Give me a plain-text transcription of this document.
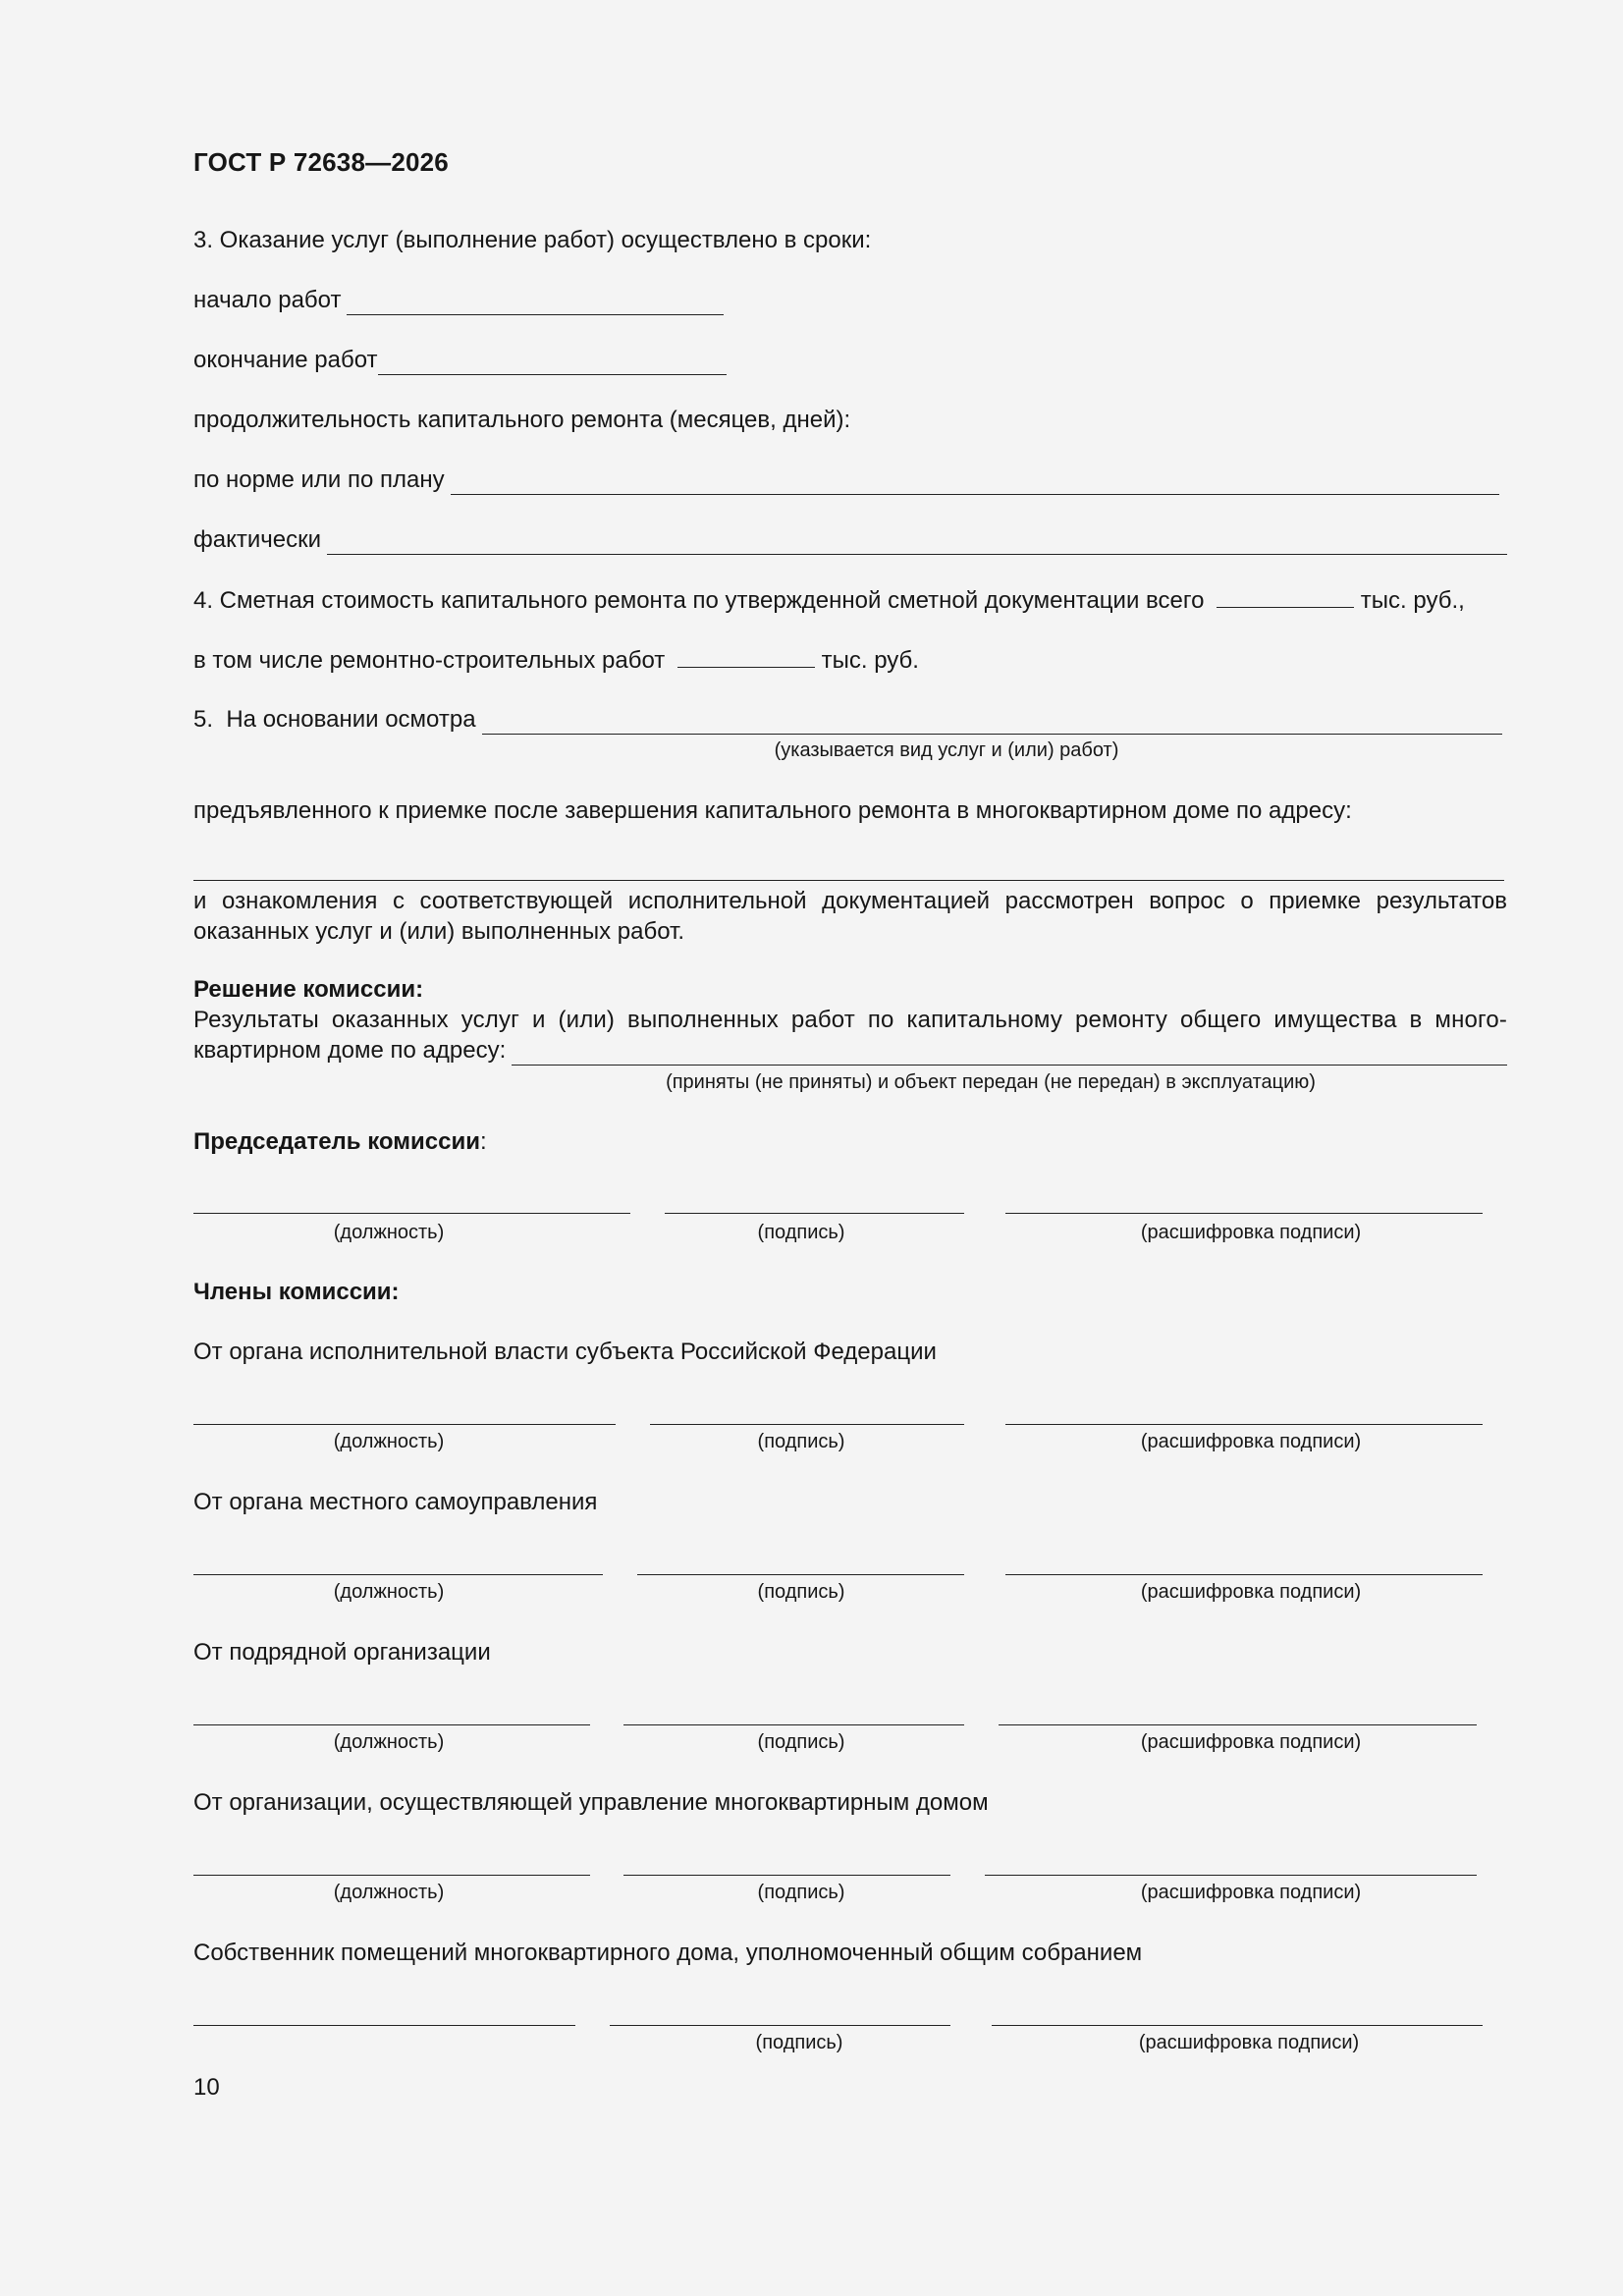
ГОСТ Р 72638—2026
3. Оказание услуг (выполнение работ) осуществлено в сроки:
начало работ
окончание работ
продолжительность капитального ремонта (месяцев, дней):
по норме или по плану
фактически
4. Сметная стоимость капитального ремонта по утвержденной сметной документации всего	тыс. руб.,
в том числе ремонтно-строительных работ	тыс. руб.
5.  На основании осмотра
(указывается вид услуг и (или) работ)
предъявленного к приемке после завершения капитального ремонта в многоквартирном доме по адресу:
и ознакомления с соответствующей исполнительной документацией рассмотрен вопрос о приемке результатов оказанных услуг и (или) выполненных работ.
Решение комиссии:
Результаты оказанных услуг и (или) выполненных работ по капитальному ремонту общего имущества в много-
квартирном доме по адресу:
(приняты (не приняты) и объект передан (не передан) в эксплуатацию)
Председатель комиссии:
(должность)	(подпись)	(расшифровка подписи)
Члены комиссии:
От органа исполнительной власти субъекта Российской Федерации
(должность)	(подпись)	(расшифровка подписи)
От органа местного самоуправления
(должность)	(подпись)	(расшифровка подписи)
От подрядной организации
(должность)	(подпись)	(расшифровка подписи)
От организации, осуществляющей управление многоквартирным домом
(должность)	(подпись)	(расшифровка подписи)
Собственник помещений многоквартирного дома, уполномоченный общим собранием
(подпись)	(расшифровка подписи)
10
